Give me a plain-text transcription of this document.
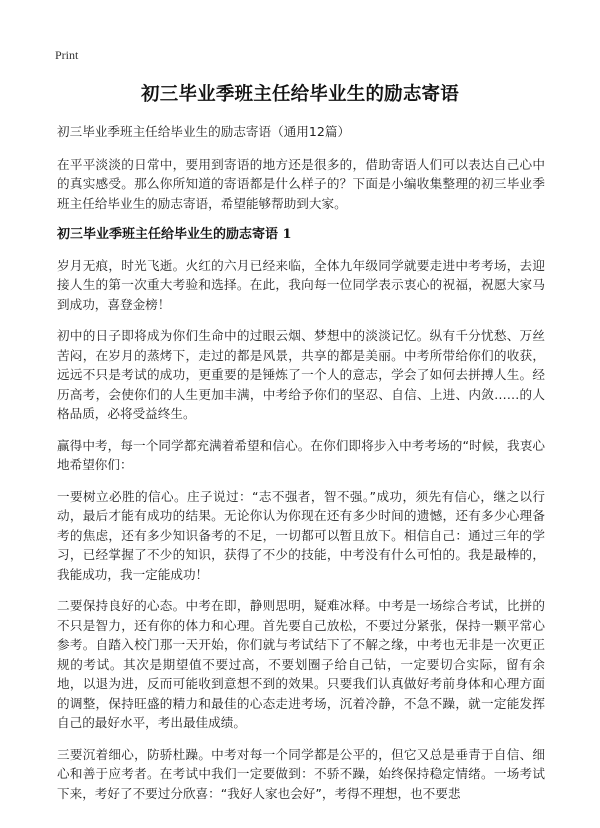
Print
初三毕业季班主任给毕业生的励志寄语

初三毕业季班主任给毕业生的励志寄语（通用12篇）

在平平淡淡的日常中，要用到寄语的地方还是很多的，借助寄语人们可以表达自己心中的真实感受。那么你所知道的寄语都是什么样子的？下面是小编收集整理的初三毕业季班主任给毕业生的励志寄语，希望能够帮助到大家。

初三毕业季班主任给毕业生的励志寄语 1

岁月无痕，时光飞逝。火红的六月已经来临，全体九年级同学就要走进中考考场，去迎接人生的第一次重大考验和选择。在此，我向每一位同学表示衷心的祝福，祝愿大家马到成功，喜登金榜！

初中的日子即将成为你们生命中的过眼云烟、梦想中的淡淡记忆。纵有千分忧愁、万丝苦闷，在岁月的蒸烤下，走过的都是风景，共享的都是美丽。中考所带给你们的收获，远远不只是考试的成功，更重要的是锤炼了一个人的意志，学会了如何去拼搏人生。经历高考，会使你们的人生更加丰满，中考给予你们的坚忍、自信、上进、内敛……的人格品质，必将受益终生。

赢得中考，每一个同学都充满着希望和信心。在你们即将步入中考考场的“时候，我衷心地希望你们：

一要树立必胜的信心。庄子说过：“志不强者，智不强。”成功，须先有信心，继之以行动，最后才能有成功的结果。无论你认为你现在还有多少时间的遗憾，还有多少心理备考的焦虑，还有多少知识备考的不足，一切都可以暂且放下。相信自己：通过三年的学习，已经掌握了不少的知识，获得了不少的技能，中考没有什么可怕的。我是最棒的，我能成功，我一定能成功！

二要保持良好的心态。中考在即，静则思明，疑难冰释。中考是一场综合考试，比拼的不只是智力，还有你的体力和心理。首先要自己放松，不要过分紧张，保持一颗平常心参考。自踏入校门那一天开始，你们就与考试结下了不解之缘，中考也无非是一次更正规的考试。其次是期望值不要过高，不要划圈子给自己钻，一定要切合实际，留有余地，以退为进，反而可能收到意想不到的效果。只要我们认真做好考前身体和心理方面的调整，保持旺盛的精力和最佳的心态走进考场，沉着冷静，不急不躁，就一定能发挥自己的最好水平，考出最佳成绩。

三要沉着细心，防骄杜躁。中考对每一个同学都是公平的，但它又总是垂青于自信、细心和善于应考者。在考试中我们一定要做到：不骄不躁，始终保持稳定情绪。一场考试下来，考好了不要过分欣喜：“我好人家也会好”，考得不理想，也不要悲
